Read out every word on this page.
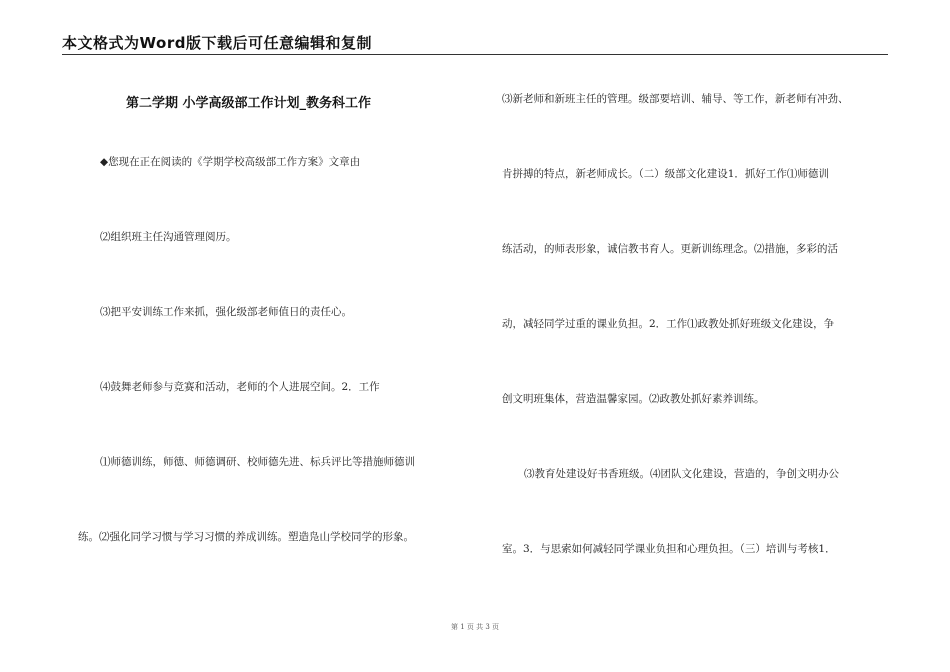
本文格式为Word版下载后可任意编辑和复制
第二学期 小学高级部工作计划_教务科工作
◆您现在正在阅读的《学期学校高级部工作方案》文章由
⑵组织班主任沟通管理阅历。
⑶把平安训练工作来抓，强化级部老师值日的责任心。
⑷鼓舞老师参与竞赛和活动，老师的个人进展空间。2．工作
⑴师德训练，师德、师德调研、校师德先进、标兵评比等措施师德训
练。⑵强化同学习惯与学习习惯的养成训练。塑造凫山学校同学的形象。
⑶新老师和新班主任的管理。级部要培训、辅导、等工作，新老师有冲劲、
肯拼搏的特点，新老师成长。（二）级部文化建设1．抓好工作⑴师德训
练活动，的师表形象，诚信教书育人。更新训练理念。⑵措施，多彩的活
动，减轻同学过重的课业负担。2．工作⑴政教处抓好班级文化建设，争
创文明班集体，营造温馨家园。⑵政教处抓好素养训练。
⑶教育处建设好书香班级。⑷团队文化建设，营造的，争创文明办公
室。3．与思索如何减轻同学课业负担和心理负担。（三）培训与考核1．
第 1 页 共 3 页
